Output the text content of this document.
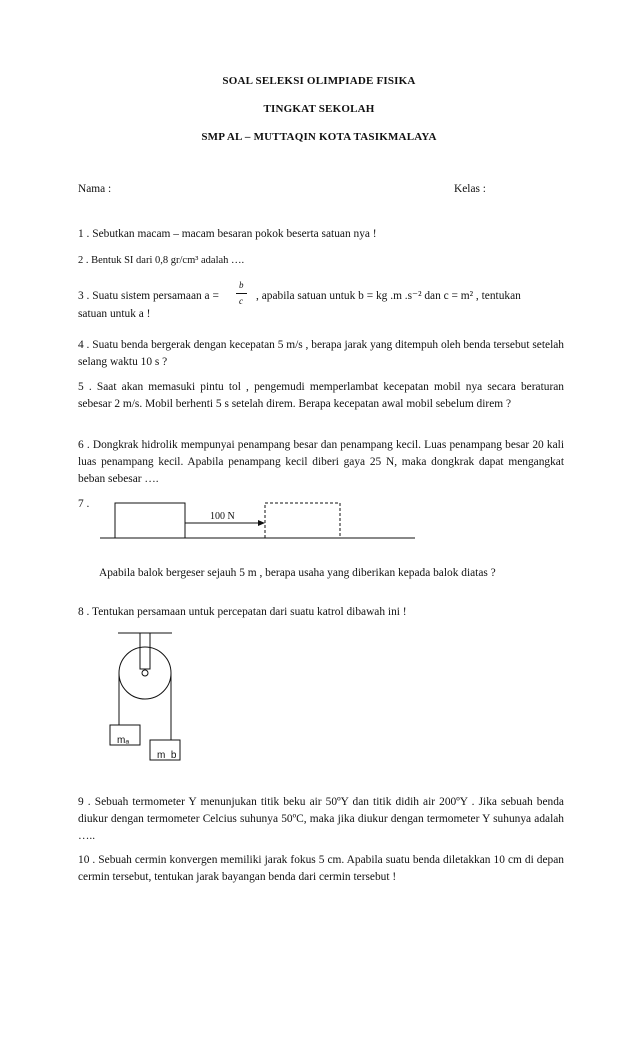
SOAL SELEKSI OLIMPIADE FISIKA
TINGKAT SEKOLAH
SMP AL – MUTTAQIN KOTA TASIKMALAYA
Nama :	Kelas :
1 . Sebutkan macam – macam besaran pokok beserta satuan nya !
2 . Bentuk SI dari 0,8 gr/cm³ adalah ….
3 . Suatu sistem persamaan a =
b
c , apabila satuan untuk b = kg .m .s⁻² dan c = m² , tentukan
satuan untuk a !
4 . Suatu benda bergerak dengan kecepatan 5 m/s , berapa jarak yang ditempuh oleh benda tersebut setelah selang waktu 10 s ?
5 . Saat akan memasuki pintu tol , pengemudi memperlambat kecepatan mobil nya secara beraturan sebesar 2 m/s. Mobil berhenti 5 s setelah direm. Berapa kecepatan awal mobil sebelum direm ?
6 . Dongkrak hidrolik mempunyai penampang besar dan penampang kecil. Luas penampang besar 20 kali luas penampang kecil. Apabila penampang kecil diberi gaya 25 N, maka dongkrak dapat mengangkat beban sebesar ….
7 .
100 N
Apabila balok bergeser sejauh 5 m , berapa usaha yang diberikan kepada balok diatas ?
8 . Tentukan persamaan untuk percepatan dari suatu katrol dibawah ini !
mₐ
m_b
9 . Sebuah termometer Y menunjukan titik beku air 50ºY dan titik didih air 200ºY . Jika sebuah benda diukur dengan termometer Celcius suhunya 50ºC, maka jika diukur dengan termometer Y suhunya adalah …..
10 . Sebuah cermin konvergen memiliki jarak fokus 5 cm. Apabila suatu benda diletakkan 10 cm di depan cermin tersebut, tentukan jarak bayangan benda dari cermin tersebut !
